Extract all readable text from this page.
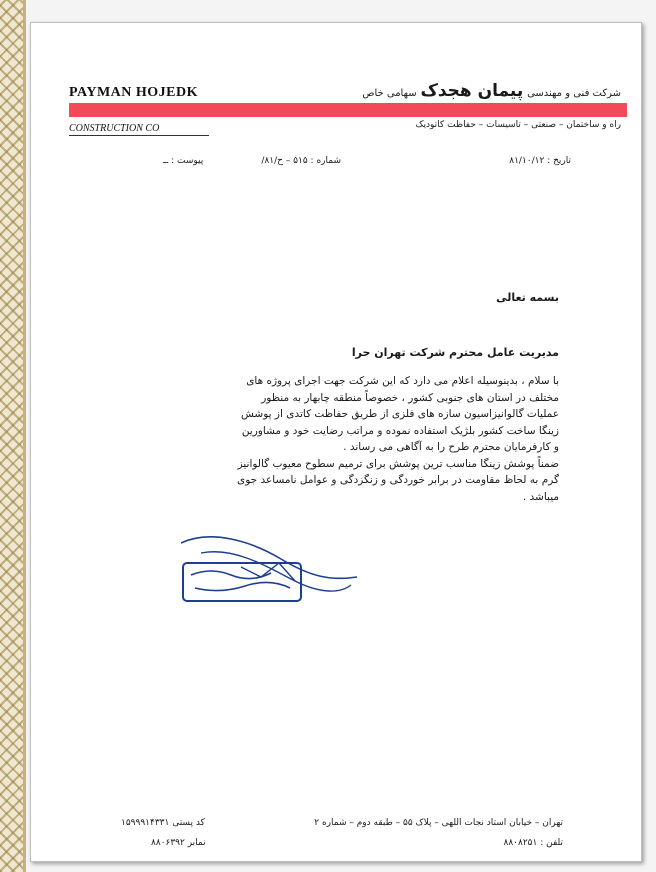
PAYMAN HOJEDK	شرکت فنی و مهندسی پیمان هجدک سهامی خاص
CONSTRUCTION CO	راه و ساختمان – صنعتی – تاسیسات – حفاظت کاتودیک
تاریخ : ۸۱/۱۰/۱۲
شماره : ۵۱۵ – ح/۸۱/
پیوست : ــ
بسمه تعالی
مدیریت عامل محترم شرکت تهران حرا

با سلام ، بدینوسیله اعلام می دارد که این شرکت جهت اجرای پروژه های

مختلف در استان های جنوبی کشور ، خصوصاً منطقه چابهار به منظور

عملیات گالوانیزاسیون سازه های فلزی از طریق حفاظت کاتدی از پوشش

زینگا ساخت کشور بلژیک استفاده نموده و مراتب رضایت خود و مشاورین

و کارفرمایان محترم طرح را به آگاهی می رساند .

ضمناً پوشش زینگا مناسب ترین پوشش برای ترمیم سطوح معیوب گالوانیز

گرم به لحاظ مقاومت در برابر خوردگی و زنگزدگی و عوامل نامساعد جوی

میباشد .

تهران – خیابان استاد نجات اللهی – پلاک ۵۵ – طبقه دوم – شماره ۲
کد پستی ۱۵۹۹۹۱۴۳۳۱
تلفن : ۸۸۰۸۲۵۱
نمابر ۸۸۰۶۳۹۲
